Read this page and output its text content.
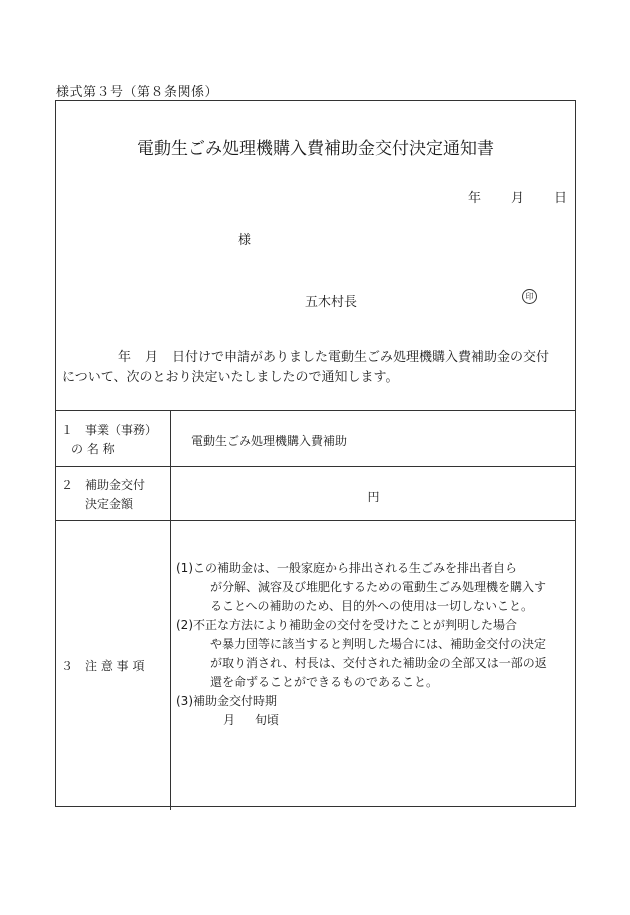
様式第３号（第８条関係）
電動生ごみ処理機購入費補助金交付決定通知書
年 月 日
様
五木村長	印
年 月 日付けで申請がありました電動生ごみ処理機購入費補助金の交付
について、次のとおり決定いたしましたので通知します。
１　事業（事務）
の 名 称
電動生ごみ処理機購入費補助
２　補助金交付
決定金額	円
３　注 意 事 項
(1) この補助金は、一般家庭から排出される生ごみを排出者自ら
が分解、減容及び堆肥化するための電動生ごみ処理機を購入す
ることへの補助のため、目的外への使用は一切しないこと。
(2) 不正な方法により補助金の交付を受けたことが判明した場合
や暴力団等に該当すると判明した場合には、補助金交付の決定
が取り消され、村長は、交付された補助金の全部又は一部の返
還を命ずることができるものであること。
(3) 補助金交付時期
月 旬頃
